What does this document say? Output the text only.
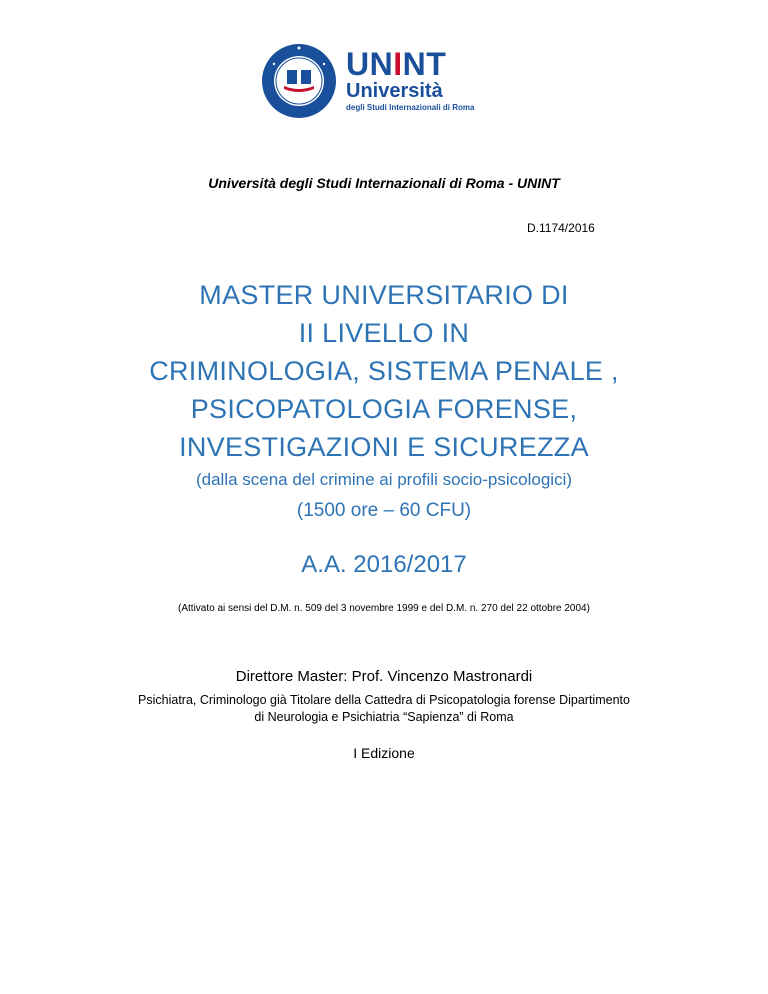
UNINT
Università
degli Studi Internazionali di Roma
Università degli Studi Internazionali di Roma - UNINT
D.1174/2016
MASTER UNIVERSITARIO DI
II LIVELLO IN
CRIMINOLOGIA, SISTEMA PENALE ,
PSICOPATOLOGIA FORENSE,
INVESTIGAZIONI E SICUREZZA
(dalla scena del crimine ai profili socio-psicologici)
(1500 ore – 60 CFU)
A.A. 2016/2017
(Attivato ai sensi del D.M. n. 509 del 3 novembre 1999 e del D.M. n. 270 del 22 ottobre 2004)
Direttore Master: Prof. Vincenzo Mastronardi
Psichiatra, Criminologo già Titolare della Cattedra di Psicopatologia forense Dipartimento
di Neurologia e Psichiatria “Sapienza” di Roma
I Edizione
